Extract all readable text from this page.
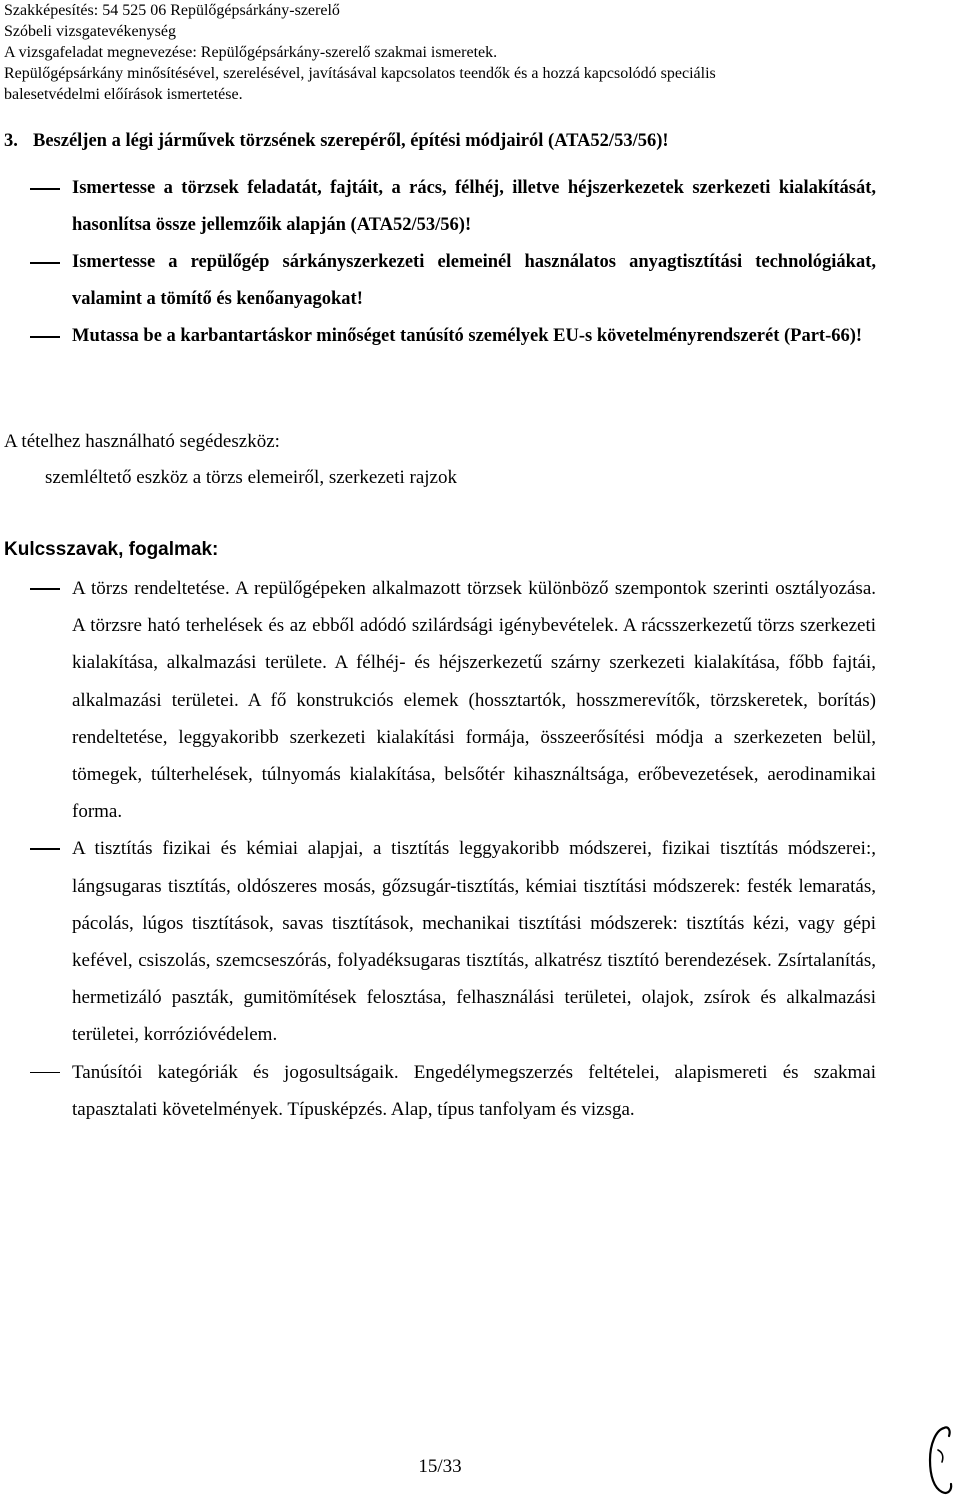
Szakképesítés: 54 525 06 Repülőgépsárkány-szerelő
Szóbeli vizsgatevékenység
A vizsgafeladat megnevezése: Repülőgépsárkány-szerelő szakmai ismeretek.
Repülőgépsárkány minősítésével, szerelésével, javításával kapcsolatos teendők és a hozzá kapcsolódó speciális
balesetvédelmi előírások ismertetése.
3. Beszéljen a légi járművek törzsének szerepéről, építési módjairól (ATA52/53/56)!
Ismertesse a törzsek feladatát, fajtáit, a rács, félhéj, illetve héjszerkezetek szerkezeti kialakítását, hasonlítsa össze jellemzőik alapján (ATA52/53/56)!
Ismertesse a repülőgép sárkányszerkezeti elemeinél használatos anyagtisztítási technológiákat, valamint a tömítő és kenőanyagokat!
Mutassa be a karbantartáskor minőséget tanúsító személyek EU-s követelményrendszerét (Part-66)!
A tételhez használható segédeszköz:
szemléltető eszköz a törzs elemeiről, szerkezeti rajzok
Kulcsszavak, fogalmak:
A törzs rendeltetése. A repülőgépeken alkalmazott törzsek különböző szempontok szerinti osztályozása. A törzsre ható terhelések és az ebből adódó szilárdsági igénybevételek. A rácsszerkezetű törzs szerkezeti kialakítása, alkalmazási területe. A félhéj- és héjszerkezetű szárny szerkezeti kialakítása, főbb fajtái, alkalmazási területei. A fő konstrukciós elemek (hossztartók, hosszmerevítők, törzskeretek, borítás) rendeltetése, leggyakoribb szerkezeti kialakítási formája, összeerősítési módja a szerkezeten belül, tömegek, túlterhelések, túlnyomás kialakítása, belsőtér kihasználtsága, erőbevezetések, aerodinamikai forma.
A tisztítás fizikai és kémiai alapjai, a tisztítás leggyakoribb módszerei, fizikai tisztítás módszerei:, lángsugaras tisztítás, oldószeres mosás, gőzsugár-tisztítás, kémiai tisztítási módszerek: festék lemaratás, pácolás, lúgos tisztítások, savas tisztítások, mechanikai tisztítási módszerek: tisztítás kézi, vagy gépi kefével, csiszolás, szemcseszórás, folyadéksugaras tisztítás, alkatrész tisztító berendezések. Zsírtalanítás, hermetizáló paszták, gumitömítések felosztása, felhasználási területei, olajok, zsírok és alkalmazási területei, korrózióvédelem.
Tanúsítói kategóriák és jogosultságaik. Engedélymegszerzés feltételei, alapismereti és szakmai tapasztalati követelmények. Típusképzés. Alap, típus tanfolyam és vizsga.
15/33
